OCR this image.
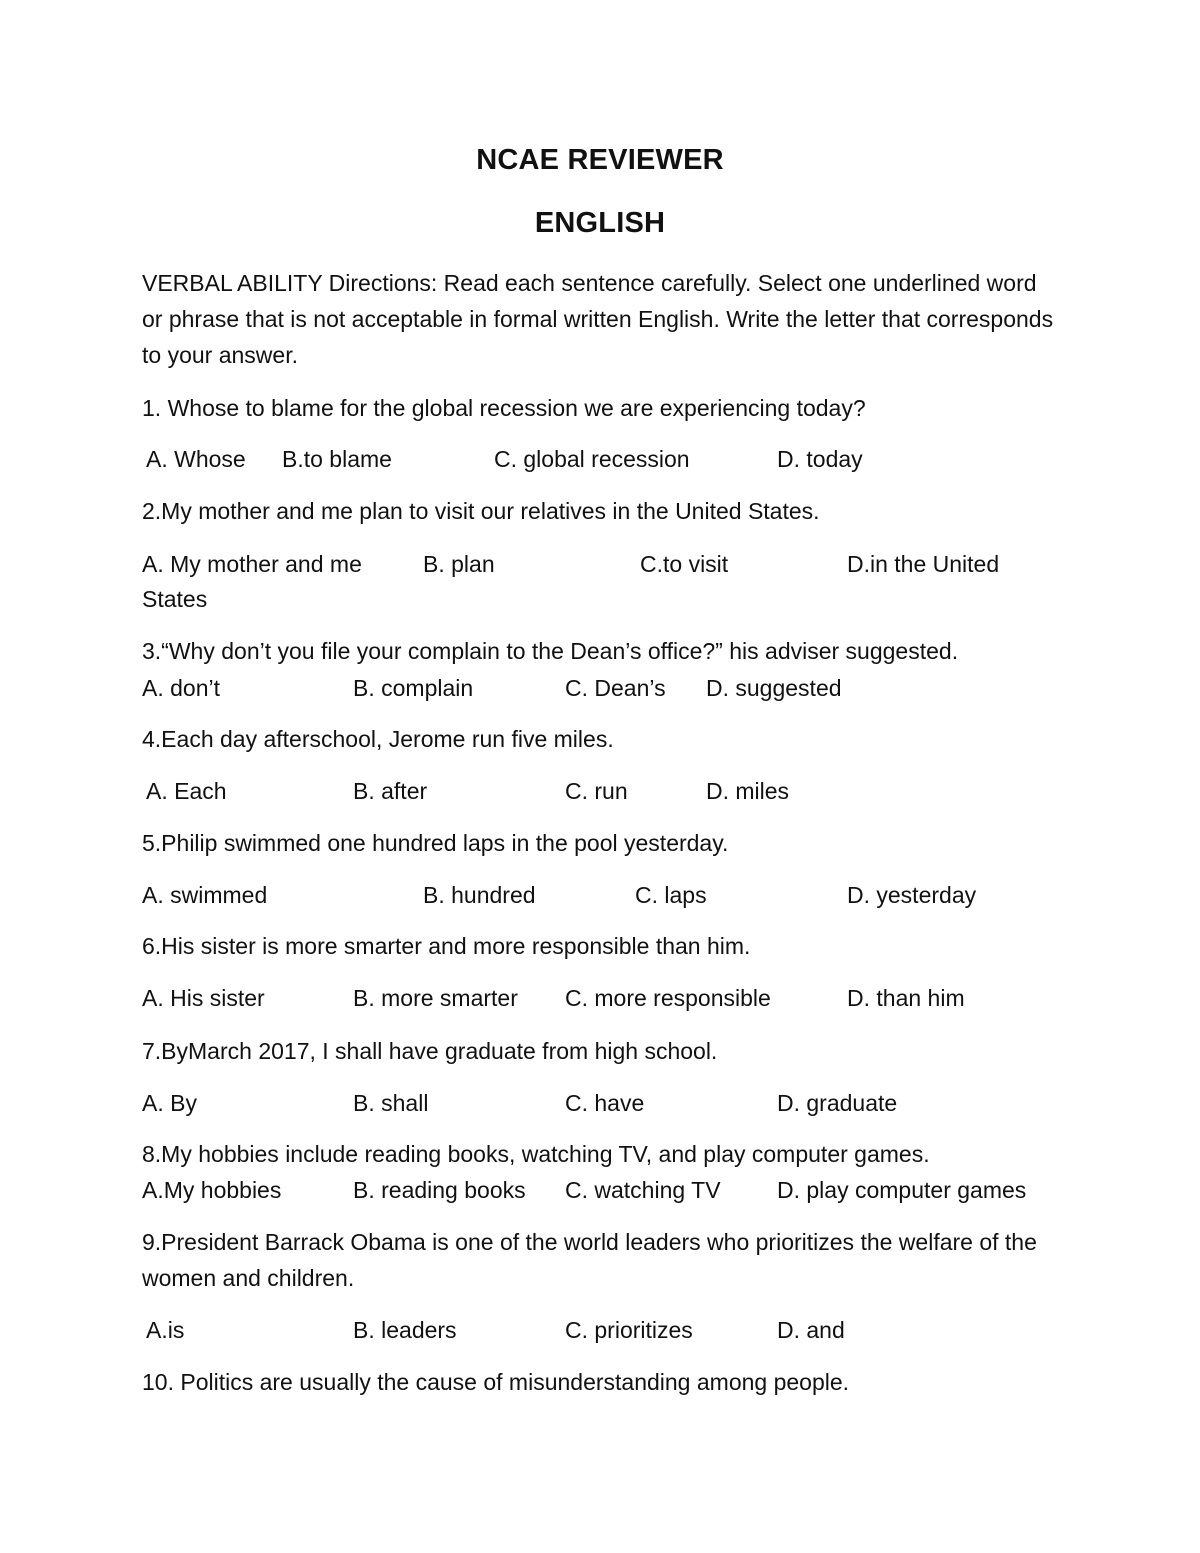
NCAE REVIEWER
ENGLISH
VERBAL ABILITY Directions: Read each sentence carefully. Select one underlined word or phrase that is not acceptable in formal written English. Write the letter that corresponds to your answer.
1. Whose to blame for the global recession we are experiencing today?
A. Whose B.to blame	C. global recession	D. today
2.My mother and me plan to visit our relatives in the United States.
A. My mother and me	B. plan	C.to visit	D.in the United
States
3.“Why don’t you file your complain to the Dean’s office?” his adviser suggested.
A. don’t	B. complain	C. Dean’s D. suggested
4.Each day afterschool, Jerome run five miles.
A. Each	B. after	C. run	D. miles
5.Philip swimmed one hundred laps in the pool yesterday.
A. swimmed	B. hundred	C. laps	D. yesterday
6.His sister is more smarter and more responsible than him.
A. His sister	B. more smarter C. more responsible	D. than him
7.ByMarch 2017, I shall have graduate from high school.
A. By	B. shall	C. have	D. graduate
8.My hobbies include reading books, watching TV, and play computer games.
A.My hobbies	B. reading books C. watching TV D. play computer games
9.President Barrack Obama is one of the world leaders who prioritizes the welfare of the women and children.
A.is	B. leaders	C. prioritizes	D. and
10. Politics are usually the cause of misunderstanding among people.
